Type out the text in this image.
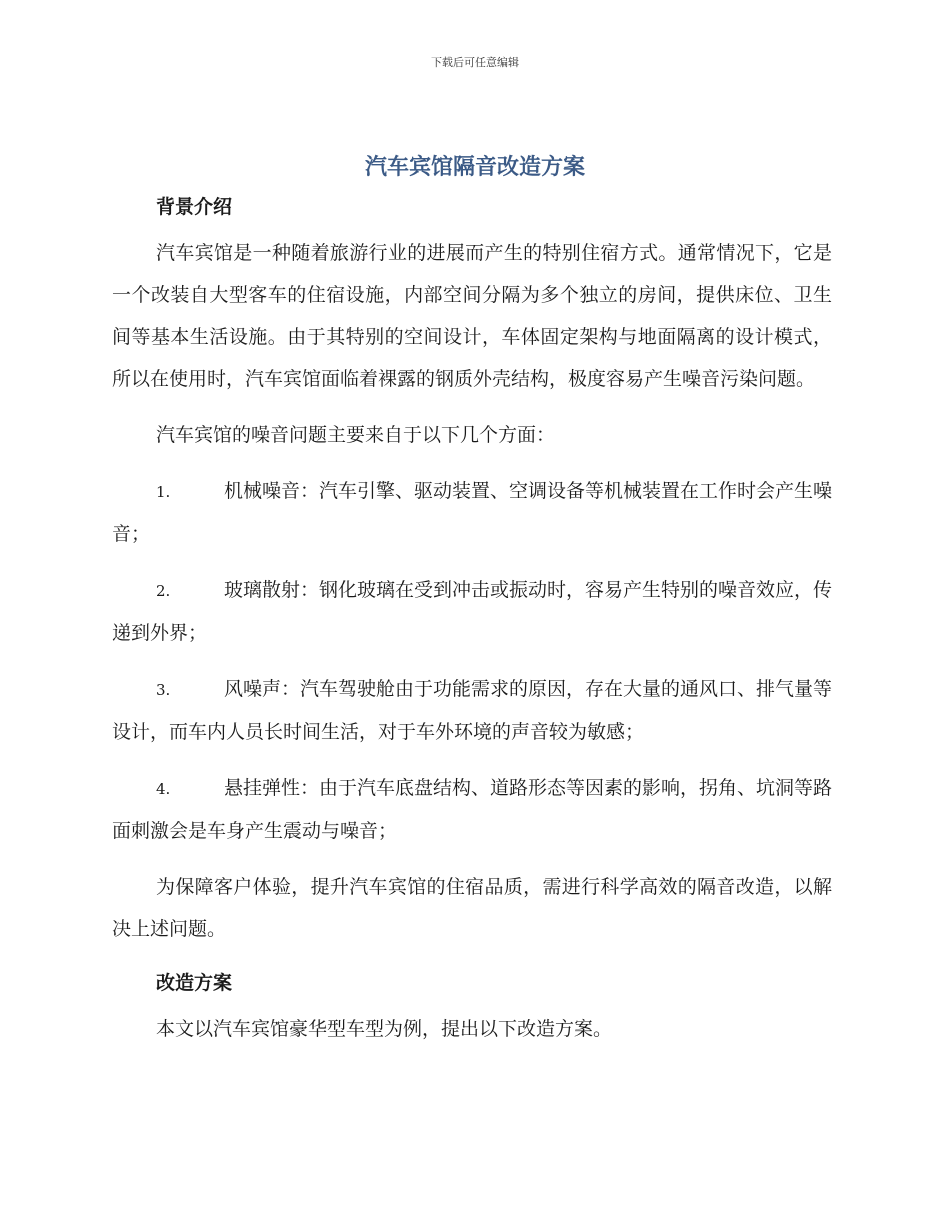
下载后可任意编辑
汽车宾馆隔音改造方案
背景介绍

汽车宾馆是一种随着旅游行业的进展而产生的特别住宿方式。通常情况下，它是一个改装自大型客车的住宿设施，内部空间分隔为多个独立的房间，提供床位、卫生间等基本生活设施。由于其特别的空间设计，车体固定架构与地面隔离的设计模式，所以在使用时，汽车宾馆面临着裸露的钢质外壳结构，极度容易产生噪音污染问题。

汽车宾馆的噪音问题主要来自于以下几个方面：

1.	机械噪音：汽车引擎、驱动装置、空调设备等机械装置在工作时会产生噪音；

2.	玻璃散射：钢化玻璃在受到冲击或振动时，容易产生特别的噪音效应，传递到外界；

3.	风噪声：汽车驾驶舱由于功能需求的原因，存在大量的通风口、排气量等设计，而车内人员长时间生活，对于车外环境的声音较为敏感；

4.	悬挂弹性：由于汽车底盘结构、道路形态等因素的影响，拐角、坑洞等路面刺激会是车身产生震动与噪音；

为保障客户体验，提升汽车宾馆的住宿品质，需进行科学高效的隔音改造，以解决上述问题。

改造方案

本文以汽车宾馆豪华型车型为例，提出以下改造方案。
